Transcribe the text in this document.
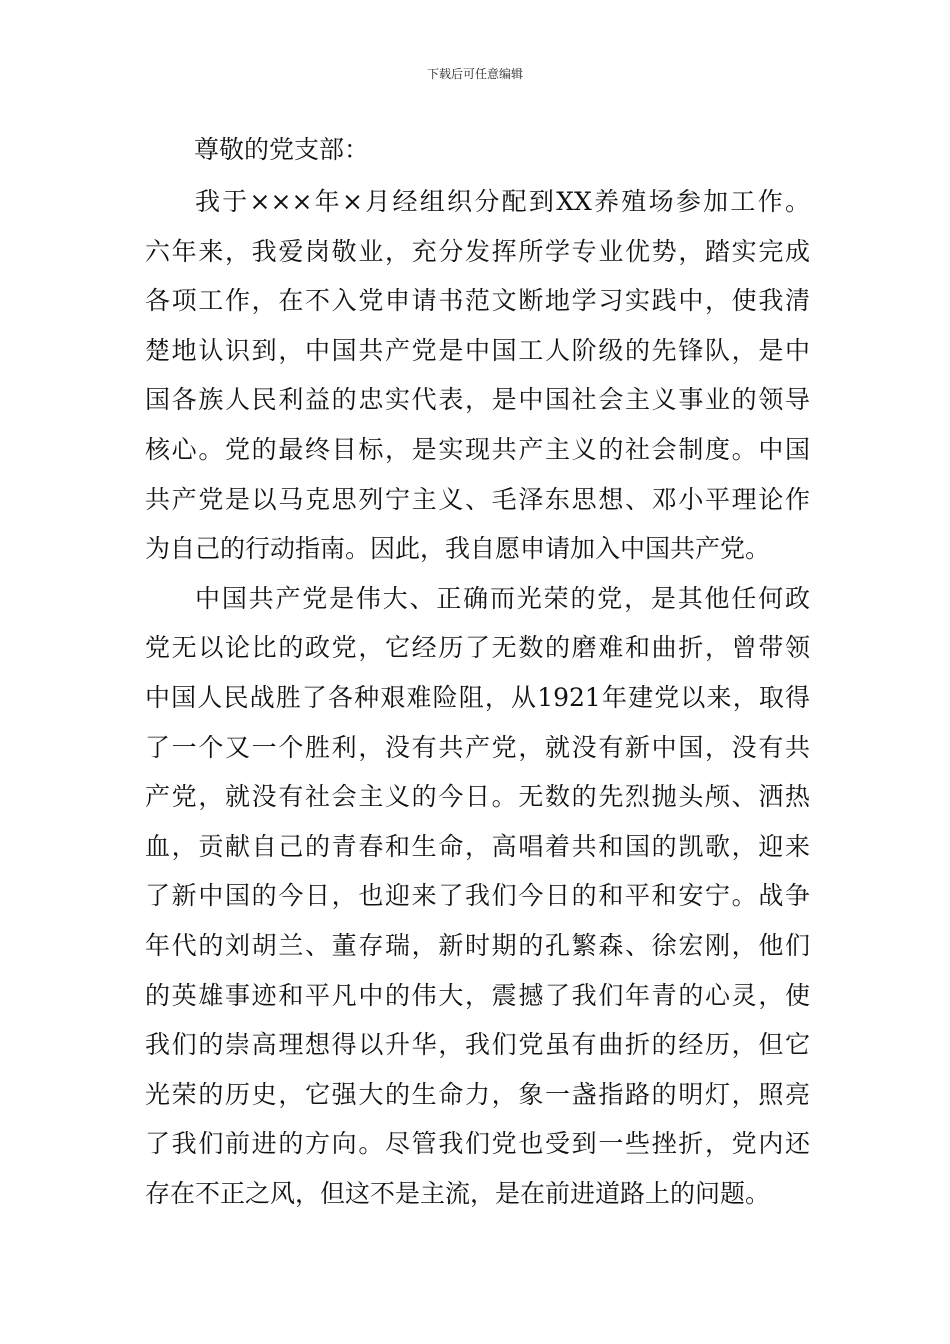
下载后可任意编辑
尊敬的党支部：
我于×××年×月经组织分配到XX养殖场参加工作。
六年来，我爱岗敬业，充分发挥所学专业优势，踏实完成
各项工作，在不入党申请书范文断地学习实践中，使我清
楚地认识到，中国共产党是中国工人阶级的先锋队，是中
国各族人民利益的忠实代表，是中国社会主义事业的领导
核心。党的最终目标，是实现共产主义的社会制度。中国
共产党是以马克思列宁主义、毛泽东思想、邓小平理论作
为自己的行动指南。因此，我自愿申请加入中国共产党。
中国共产党是伟大、正确而光荣的党，是其他任何政
党无以论比的政党，它经历了无数的磨难和曲折，曾带领
中国人民战胜了各种艰难险阻，从1921年建党以来，取得
了一个又一个胜利，没有共产党，就没有新中国，没有共
产党，就没有社会主义的今日。无数的先烈抛头颅、洒热
血，贡献自己的青春和生命，高唱着共和国的凯歌，迎来
了新中国的今日，也迎来了我们今日的和平和安宁。战争
年代的刘胡兰、董存瑞，新时期的孔繁森、徐宏刚，他们
的英雄事迹和平凡中的伟大，震撼了我们年青的心灵，使
我们的崇高理想得以升华，我们党虽有曲折的经历，但它
光荣的历史，它强大的生命力，象一盏指路的明灯，照亮
了我们前进的方向。尽管我们党也受到一些挫折，党内还
存在不正之风，但这不是主流，是在前进道路上的问题。
